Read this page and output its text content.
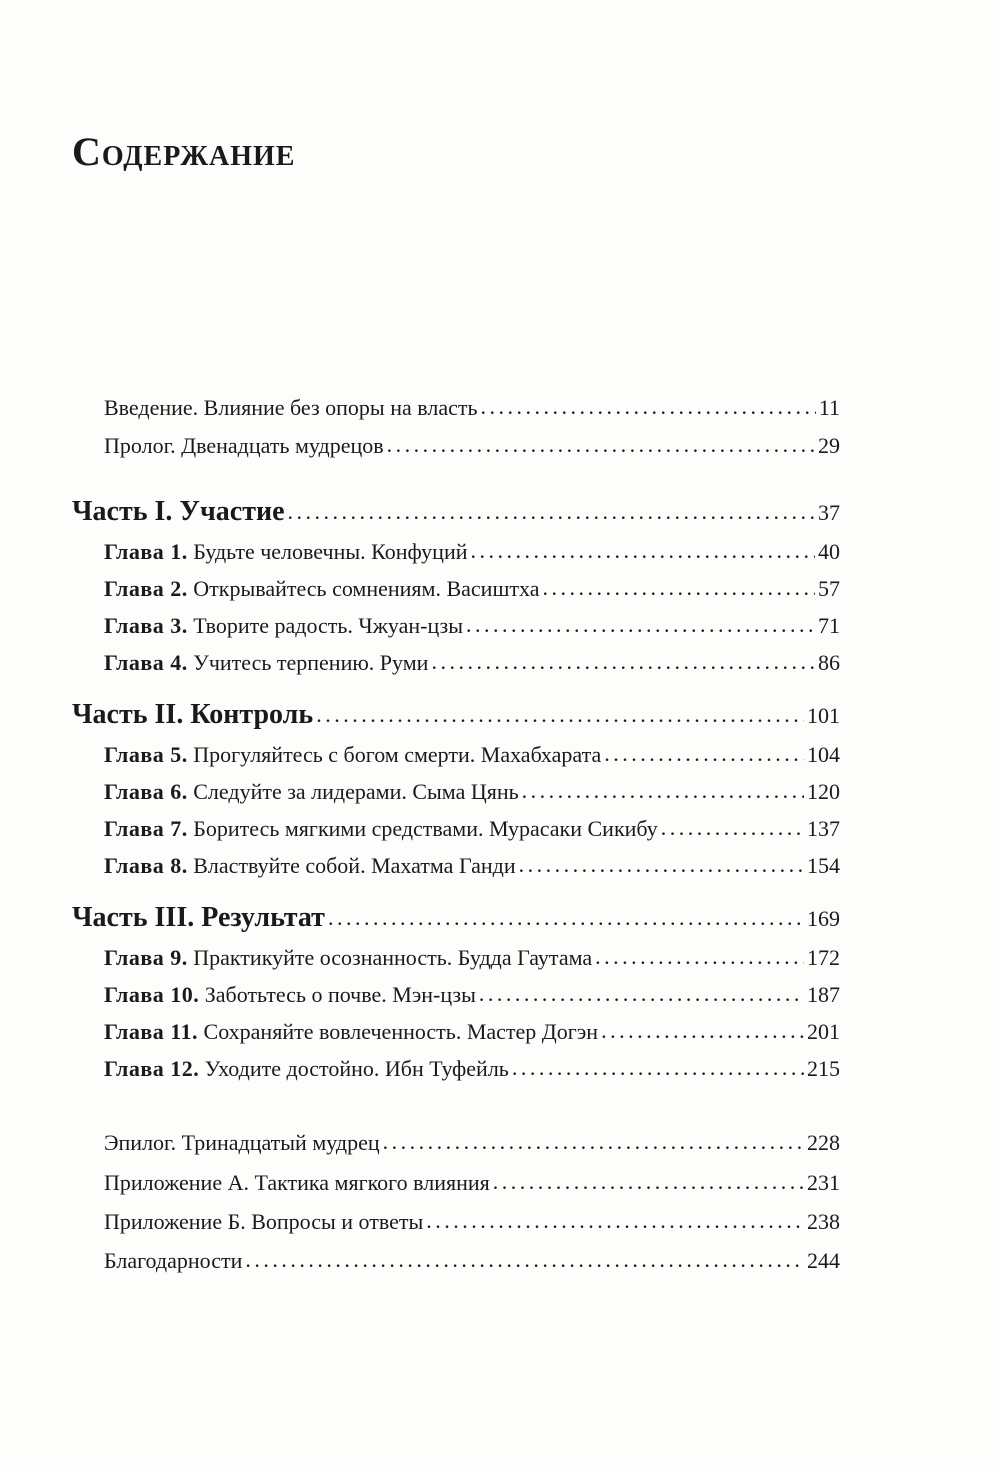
Содержание
Введение. Влияние без опоры на власть . . .	11
Пролог. Двенадцать мудрецов . . .	29
Часть I. Участие . . .	37
Глава 1. Будьте человечны. Конфуций . . .	40
Глава 2. Открывайтесь сомнениям. Васиштха . . .	57
Глава 3. Творите радость. Чжуан-цзы . . .	71
Глава 4. Учитесь терпению. Руми . . .	86
Часть II. Контроль . . .	101
Глава 5. Прогуляйтесь с богом смерти. Махабхарата . . .	104
Глава 6. Следуйте за лидерами. Сыма Цянь . . .	120
Глава 7. Боритесь мягкими средствами. Мурасаки Сикибу . . .	137
Глава 8. Властвуйте собой. Махатма Ганди . . .	154
Часть III. Результат . . .	169
Глава 9. Практикуйте осознанность. Будда Гаутама . . .	172
Глава 10. Заботьтесь о почве. Мэн-цзы . . .	187
Глава 11. Сохраняйте вовлеченность. Мастер Догэн . . .	201
Глава 12. Уходите достойно. Ибн Туфейль . . .	215
Эпилог. Тринадцатый мудрец . . .	228
Приложение А. Тактика мягкого влияния . . .	231
Приложение Б. Вопросы и ответы . . .	238
Благодарности . . .	244
